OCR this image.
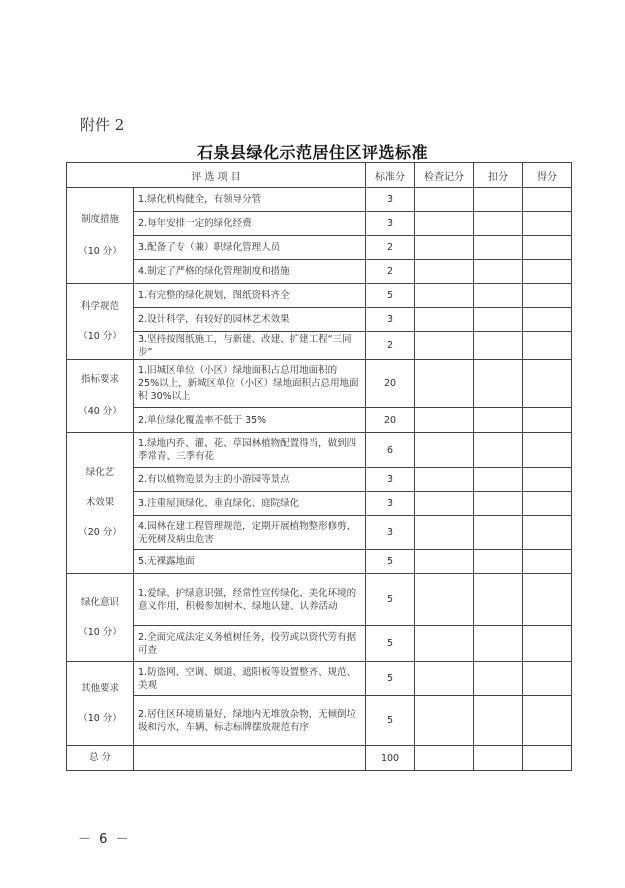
附件 2
石泉县绿化示范居住区评选标准
评 选 项 目		标准分	检查记分	扣分	得分

制度措施
（10 分）	1.绿化机构健全，有领导分管	3			
	2.每年安排一定的绿化经费	3			
	3.配备了专（兼）职绿化管理人员	2			
	4.制定了严格的绿化管理制度和措施	2			

科学规范
（10 分）	1.有完整的绿化规划，图纸资料齐全	5			
	2.设计科学，有较好的园林艺术效果	3			
	3.坚持按图纸施工，与新建、改建、扩建工程“三同步”	2			

指标要求
（40 分）	1.旧城区单位（小区）绿地面积占总用地面积的 25%以上，新城区单位（小区）绿地面积占总用地面积 30%以上	20			
	2.单位绿化覆盖率不低于 35%	20			

绿化艺
术效果
（20 分）	1.绿地内乔、灌、花、草园林植物配置得当，做到四季常青、三季有花	6			
	2.有以植物造景为主的小游园等景点	3			
	3.注重屋顶绿化、垂直绿化、庭院绿化	3			
	4.园林在建工程管理规范，定期开展植物整形修剪，无死树及病虫危害	3			
	5.无裸露地面	5			

绿化意识
（10 分）	1.爱绿、护绿意识强，经常性宣传绿化、美化环境的意义作用，积极参加树木、绿地认建、认养活动	5			
	2.全面完成法定义务植树任务，投劳或以资代劳有据可查	5			

其他要求
（10 分）	1.防盗网、空调、烟道、遮阳板等设置整齐、规范、美观	5			
	2.居住区环境质量好，绿地内无堆放杂物，无倾倒垃圾和污水，车辆、标志标牌摆放规范有序	5			
总 分		100			
－ 6 －
